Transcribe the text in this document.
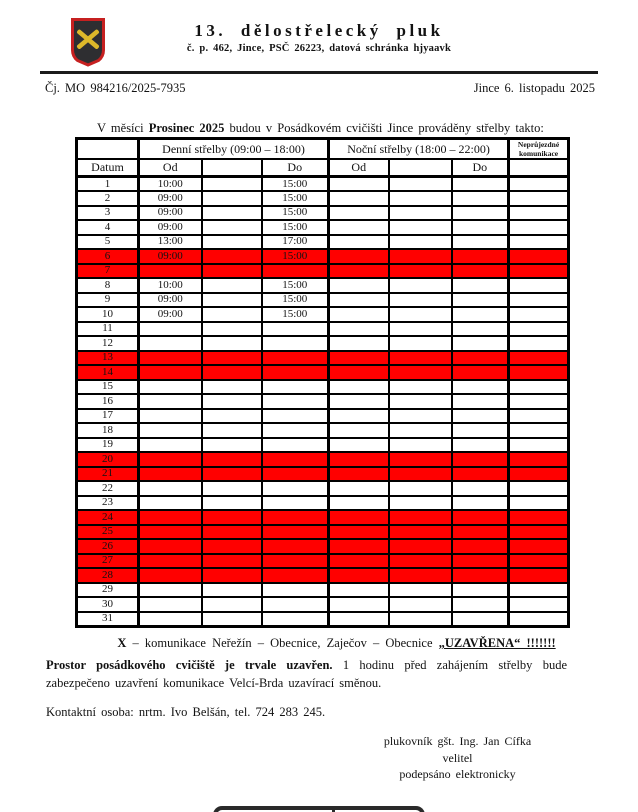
13. dělostřelecký pluk
č. p. 462, Jince, PSČ 26223, datová schránka hjyaavk
Čj. MO 984216/2025-7935	Jince 6. listopadu 2025

V měsíci Prosinec 2025 budou v Posádkovém cvičišti Jince prováděny střelby takto:

	Denní střelby (09:00 – 18:00)			Noční střelby (18:00 – 22:00)			Neprůjezdné komunikace
Datum	Od		Do	Od		Do	
1	10:00		15:00				
2	09:00		15:00				
3	09:00		15:00				
4	09:00		15:00				
5	13:00		17:00				
6	09:00		15:00				
7							
8	10:00		15:00				
9	09:00		15:00				
10	09:00		15:00				
11							
12							
13							
14							
15							
16							
17							
18							
19							
20							
21							
22							
23							
24							
25							
26							
27							
28							
29							
30							
31							

X – komunikace Neřežín – Obecnice, Zaječov – Obecnice „UZAVŘENA“ !!!!!!!

Prostor posádkového cvičiště je trvale uzavřen. 1 hodinu před zahájením střelby bude zabezpečeno uzavření komunikace Velcí-Brda uzavírací směnou.

Kontaktní osoba: nrtm. Ivo Belšán, tel. 724 283 245.

plukovník gšt. Ing. Jan Cífka
velitel
podepsáno elektronicky
